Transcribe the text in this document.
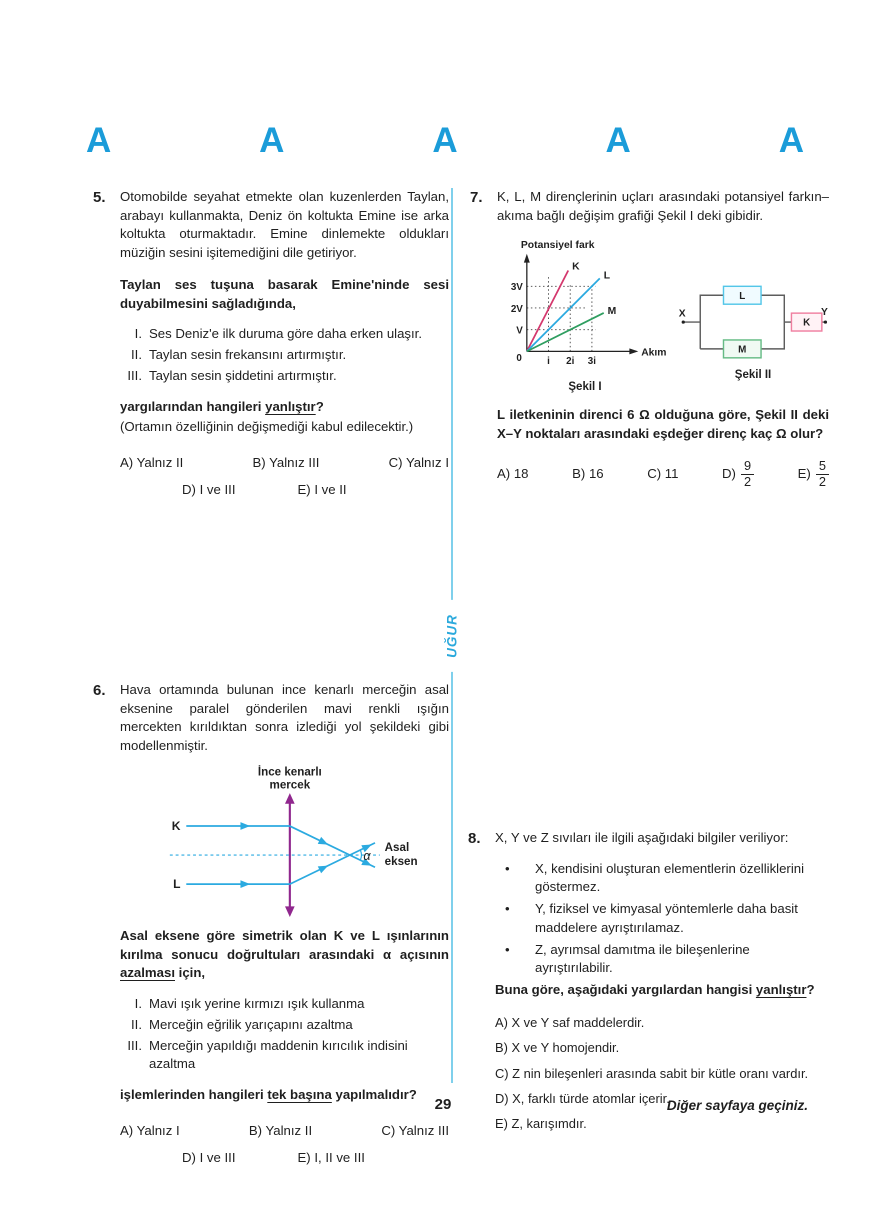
A	A	A	A	A
UĞUR
5.	Otomobilde seyahat etmekte olan kuzenlerden Taylan, arabayı kullanmakta, Deniz ön koltukta Emine ise arka koltukta oturmaktadır. Emine dinlemekte oldukları müziğin sesini işitemediğini dile getiriyor.

Taylan ses tuşuna basarak Emine'ninde sesi duyabilmesini sağladığında,

I. Ses Deniz'e ilk duruma göre daha erken ulaşır.
II. Taylan sesin frekansını artırmıştır.
III. Taylan sesin şiddetini artırmıştır.

yargılarından hangileri yanlıştır?

(Ortamın özelliğinin değişmediği kabul edilecektir.)

A) Yalnız II	B) Yalnız III	C) Yalnız I
D) I ve III	E) I ve II
6.	Hava ortamında bulunan ince kenarlı merceğin asal eksenine paralel gönderilen mavi renkli ışığın mercekten kırıldıktan sonra izlediği yol şekildeki gibi modellenmiştir.

İnce kenarlı
mercek
α
K
L
Asal
eksen

Asal eksene göre simetrik olan K ve L ışınlarının kırılma sonucu doğrultuları arasındaki α açısının azalması için,

I. Mavi ışık yerine kırmızı ışık kullanma
II. Merceğin eğrilik yarıçapını azaltma
III. Merceğin yapıldığı maddenin kırıcılık indisini azaltma

işlemlerinden hangileri tek başına yapılmalıdır?

A) Yalnız I	B) Yalnız II	C) Yalnız III
D) I ve III	E) I, II ve III
7.	K, L, M dirençlerinin uçları arasındaki potansiyel farkın– akıma bağlı değişim grafiği Şekil I deki gibidir.

Potansiyel fark
K
L
M
3V
2V
V
0	i 2i 3i
Akım
Şekil I
L
M
K
X	Y
Şekil II

L iletkeninin direnci 6 Ω olduğuna göre, Şekil II deki X–Y noktaları arasındaki eşdeğer direnç kaç Ω olur?

A) 18	B) 16	C) 11	$D) \frac{9}{2}$	$E) \frac{5}{2}$
8.	X, Y ve Z sıvıları ile ilgili aşağıdaki bilgiler veriliyor:

•	X, kendisini oluşturan elementlerin özelliklerini göstermez.
•	Y, fiziksel ve kimyasal yöntemlerle daha basit maddelere ayrıştırılamaz.
•	Z, ayrımsal damıtma ile bileşenlerine ayrıştırılabilir.

Buna göre, aşağıdaki yargılardan hangisi yanlıştır?

A) X ve Y saf maddelerdir.
B) X ve Y homojendir.
C) Z nin bileşenleri arasında sabit bir kütle oranı vardır.
D) X, farklı türde atomlar içerir.
E) Z, karışımdır.
29	Diğer sayfaya geçiniz.
